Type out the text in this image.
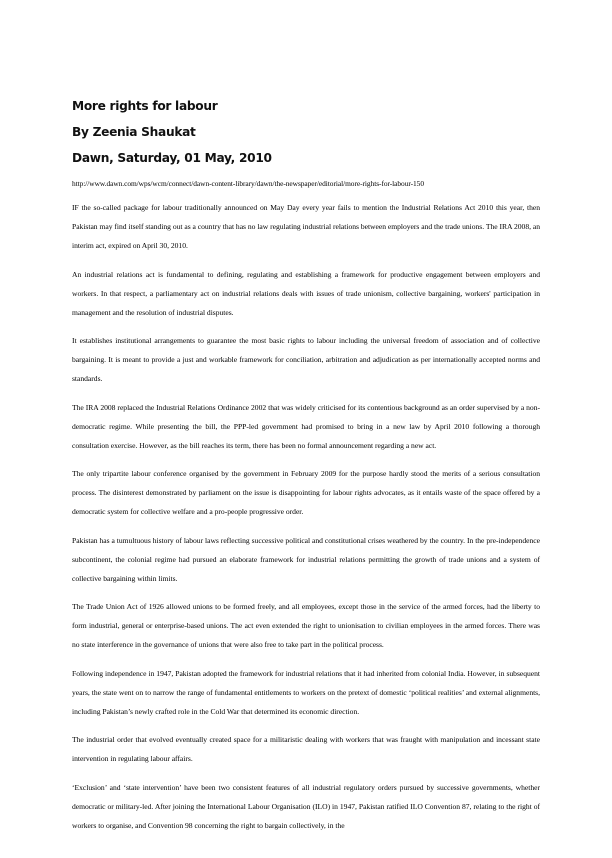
More rights for labour
By Zeenia Shaukat
Dawn, Saturday, 01 May, 2010
http://www.dawn.com/wps/wcm/connect/dawn-content-library/dawn/the-newspaper/editorial/more-rights-for-labour-150

IF the so-called package for labour traditionally announced on May Day every year fails to mention the Industrial Relations Act 2010 this year, then Pakistan may find itself standing out as a country that has no law regulating industrial relations between employers and the trade unions. The IRA 2008, an interim act, expired on April 30, 2010.

An industrial relations act is fundamental to defining, regulating and establishing a framework for productive engagement between employers and workers. In that respect, a parliamentary act on industrial relations deals with issues of trade unionism, collective bargaining, workers' participation in management and the resolution of industrial disputes.

It establishes institutional arrangements to guarantee the most basic rights to labour including the universal freedom of association and of collective bargaining. It is meant to provide a just and workable framework for conciliation, arbitration and adjudication as per internationally accepted norms and standards.

The IRA 2008 replaced the Industrial Relations Ordinance 2002 that was widely criticised for its contentious background as an order supervised by a non-democratic regime. While presenting the bill, the PPP-led government had promised to bring in a new law by April 2010 following a thorough consultation exercise. However, as the bill reaches its term, there has been no formal announcement regarding a new act.

The only tripartite labour conference organised by the government in February 2009 for the purpose hardly stood the merits of a serious consultation process. The disinterest demonstrated by parliament on the issue is disappointing for labour rights advocates, as it entails waste of the space offered by a democratic system for collective welfare and a pro-people progressive order.

Pakistan has a tumultuous history of labour laws reflecting successive political and constitutional crises weathered by the country. In the pre-independence subcontinent, the colonial regime had pursued an elaborate framework for industrial relations permitting the growth of trade unions and a system of collective bargaining within limits.

The Trade Union Act of 1926 allowed unions to be formed freely, and all employees, except those in the service of the armed forces, had the liberty to form industrial, general or enterprise-based unions. The act even extended the right to unionisation to civilian employees in the armed forces. There was no state interference in the governance of unions that were also free to take part in the political process.

Following independence in 1947, Pakistan adopted the framework for industrial relations that it had inherited from colonial India. However, in subsequent years, the state went on to narrow the range of fundamental entitlements to workers on the pretext of domestic ‘political realities’ and external alignments, including Pakistan’s newly crafted role in the Cold War that determined its economic direction.

The industrial order that evolved eventually created space for a militaristic dealing with workers that was fraught with manipulation and incessant state intervention in regulating labour affairs.

‘Exclusion’ and ‘state intervention’ have been two consistent features of all industrial regulatory orders pursued by successive governments, whether democratic or military-led. After joining the International Labour Organisation (ILO) in 1947, Pakistan ratified ILO Convention 87, relating to the right of workers to organise, and Convention 98 concerning the right to bargain collectively, in the
